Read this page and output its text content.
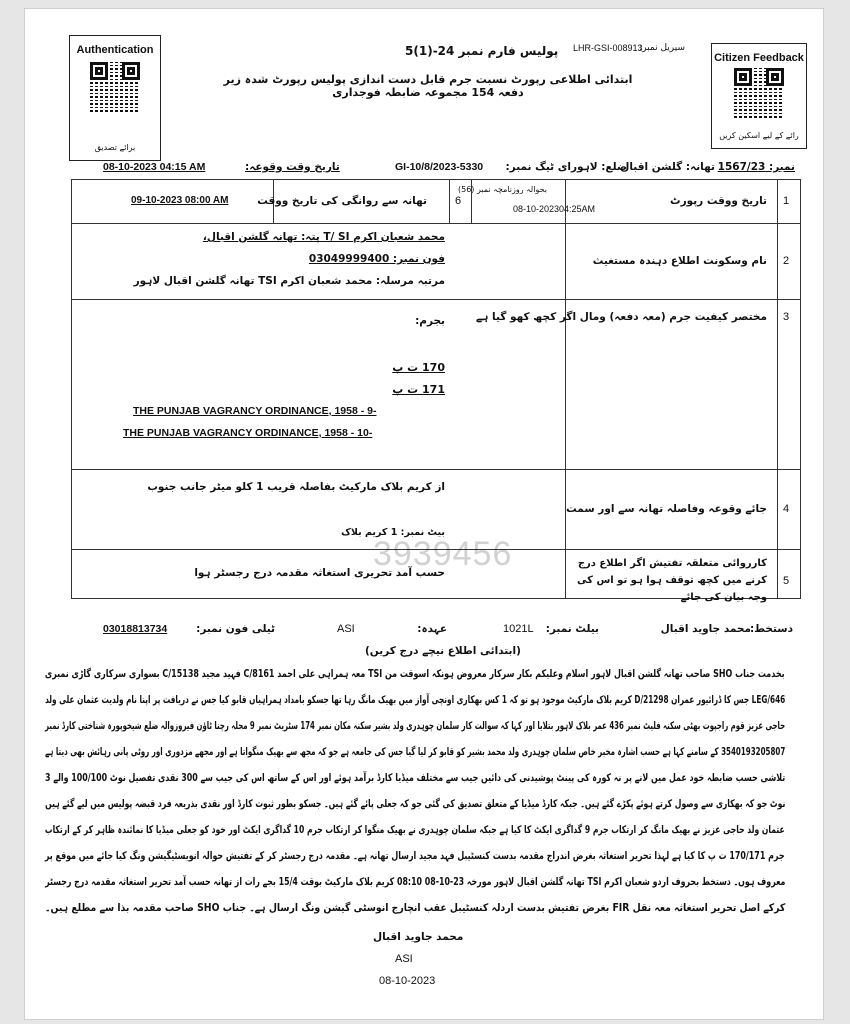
Authentication
برائے تصدیق
Citizen Feedback
رائے کے لیے اسکین کریں
سیریل نمبر:
LHR-GSI-008913
پولیس فارم نمبر 24-(1)5
ابتدائی اطلاعی رپورٹ نسبت جرم قابل دست اندازی پولیس رپورٹ شدہ زیر دفعہ 154 مجموعہ ضابطہ فوجداری
نمبر: 1567/23
تھانہ: گلشن اقبال
ضلع: لاہور
ای ٹیگ نمبر:
GI-10/8/2023-5330
تاریخ وقت وقوعہ:
08-10-2023 04:15 AM
1
تاریخ ووقت رپورٹ
بحوالہ روزنامچہ نمبر (56)
08-10-202304:25AM
6
تھانہ سے روانگی کی تاریخ ووقت
09-10-2023 08:00 AM
2
نام وسکونت اطلاع دہندہ مستغیث
محمد شعبان اکرم T/ SI پتہ: تھانہ گلشن اقبال،
فون نمبر: 03049999400
مرتبہ مرسلہ: محمد شعبان اکرم TSI تھانہ گلشن اقبال لاہور
3
مختصر کیفیت جرم (معہ دفعہ) ومال اگر کچھ کھو گیا ہے
بجرم:
170 ت پ
171 ت پ
THE PUNJAB VAGRANCY ORDINANCE, 1958 - 9-
THE PUNJAB VAGRANCY ORDINANCE, 1958 - 10-
4
جائے وقوعہ وفاصلہ تھانہ سے اور سمت
از کریم بلاک مارکیٹ بفاصلہ قریب 1 کلو میٹر جانب جنوب
بیٹ نمبر: 1 کریم بلاک
5
کارروائی متعلقہ تفتیش اگر اطلاع درج کرنے میں کچھ توقف ہوا ہو تو اس کی وجہ بیان کی جائے
حسب آمد تحریری استغاثہ مقدمہ درج رجسٹر ہوا
3939456
دستخط:
محمد جاوید اقبال
بیلٹ نمبر:
1021L
عہدہ:
ASI
ٹیلی فون نمبر:
03018813734
(ابتدائی اطلاع نیچے درج کریں)
بخدمت جناب SHO صاحب تھانہ گلشن اقبال لاہور اسلام وعلیکم بکار سرکار معروض ہونکہ اسوقت من TSI معہ ہمراہی علی احمد 8161/C فہید مجید 15138/C بسواری سرکاری گاڑی نمبری
LEG/646 جس کا ڈرائیور عمران 21298/D کریم بلاک مارکیٹ موجود ہو تو کہ 1 کس بھکاری اونچی آواز میں بھیک مانگ رہا تھا جسکو بامداد ہمراہیاں قابو کیا جس نے دریافت پر اپنا نام ولدیت عثمان علی ولد
حاجی عزیز قوم راجپوت بھٹی سکنہ فلیٹ نمبر 436 عمر بلاک لاہور بتلایا اور کہا کہ سوالت کار سلمان چوہدری ولد بشیر سکنہ مکان نمبر 174 سٹریٹ نمبر 9 محلہ رچنا ٹاؤن فیروزوالہ ضلع شیخوپورہ شناختی کارڈ نمبر
3540193205807 کے سامنے کہا ہے حسب اشارہ مخبر خاص سلمان چوہدری ولد محمد بشیر کو قابو کر لیا گیا جس کی جامعہ ہے جو کہ مجھ سے بھیک منگواتا ہے اور مجھے مزدوری اور روٹی پانی رہائش بھی دیتا ہے
تلاشی حسب ضابطہ خود عمل میں لانے پر نہ کورہ کی پینٹ پوشیدنی کی دائیں جیب سے مختلف میڈیا کارڈ برآمد ہوئے اور اس کے ساتھ اس کی جیب سے 300 نقدی تفصیل نوٹ 100/100 والے 3
نوٹ جو کہ بھکاری سے وصول کرتے ہوئے پکڑے گئے ہیں۔ جبکہ کارڈ میڈیا کے متعلق تصدیق کی گئی جو کہ جعلی پائے گئے ہیں۔ جسکو بطور ثبوت کارڈ اور نقدی بذریعہ فرد قبضہ پولیس میں لیے گئے ہیں
عثمان ولد حاجی عزیز نے بھیک مانگ کر ارتکاب جرم 9 گداگری ایکٹ کا کیا ہے جبکہ سلمان چوہدری نے بھیک منگوا کر ارتکاب جرم 10 گداگری ایکٹ اور خود کو جعلی میڈیا کا نمائندہ ظاہر کر کے ارتکاب
جرم 170/171 ت پ کا کیا ہے لہذا تحریر استغاثہ بغرض اندراج مقدمہ بدست کنسٹیبل فہد مجید ارسال تھانہ ہے۔ مقدمہ درج رجسٹر کر کے تفتیش حوالہ انویسٹیگیشن ونگ کیا جائے میں موقع پر
معروف ہوں۔ دستخط بحروف اردو شعبان اکرم TSI تھانہ گلشن اقبال لاہور مورخہ 23-10-08 08:10 کریم بلاک مارکیٹ بوقت 15/4 بجے رات از تھانہ حسب آمد تحریر استغاثہ مقدمہ درج رجسٹر
کرکے اصل تحریر استغاثہ معہ نقل FIR بغرض تفتیش بدست اردلہ کنسٹیبل عقب انچارج انوسٹی گیشن ونگ ارسال ہے۔ جناب SHO صاحب مقدمہ بذا سے مطلع ہیں۔
محمد جاوید اقبال
ASI
08-10-2023
